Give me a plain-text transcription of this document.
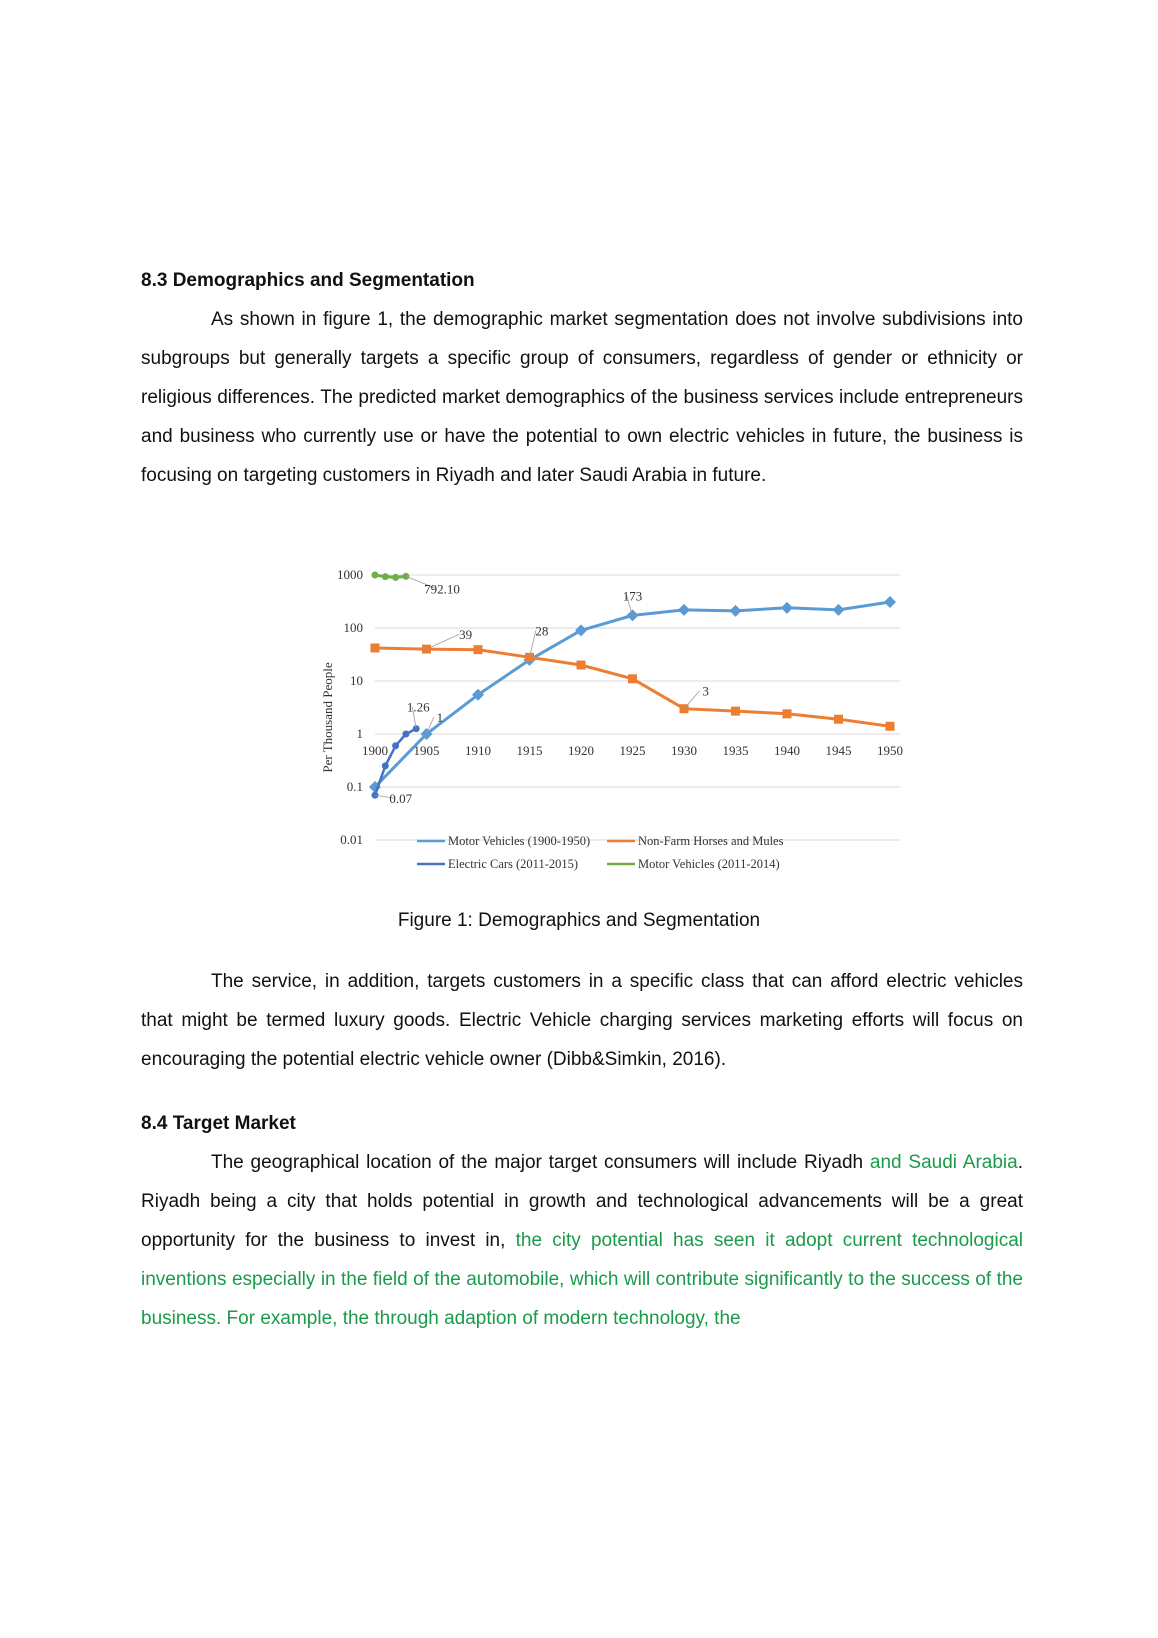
8.3 Demographics and Segmentation

As shown in figure 1, the demographic market segmentation does not involve subdivisions into subgroups but generally targets a specific group of consumers, regardless of gender or ethnicity or religious differences. The predicted market demographics of the business services include entrepreneurs and business who currently use or have the potential to own electric vehicles in future, the business is focusing on targeting customers in Riyadh and later Saudi Arabia in future.

1000
100
10
1
0.1
0.01
1900 1905 1910 1915 1920 1925 1930 1935 1940 1945 1950
Per Thousand People
792.10	173
39	28
3
1.26
1
0.07
Motor Vehicles (1900-1950)	Non-Farm Horses and Mules
Electric Cars (2011-2015)	Motor Vehicles (2011-2014)

Figure 1: Demographics and Segmentation

The service, in addition, targets customers in a specific class that can afford electric vehicles that might be termed luxury goods. Electric Vehicle charging services marketing efforts will focus on encouraging the potential electric vehicle owner (Dibb&Simkin, 2016).

8.4 Target Market

The geographical location of the major target consumers will include Riyadh and Saudi Arabia. Riyadh being a city that holds potential in growth and technological advancements will be a great opportunity for the business to invest in, the city potential has seen it adopt current technological inventions especially in the field of the automobile, which will contribute significantly to the success of the business. For example, the through adaption of modern technology, the
